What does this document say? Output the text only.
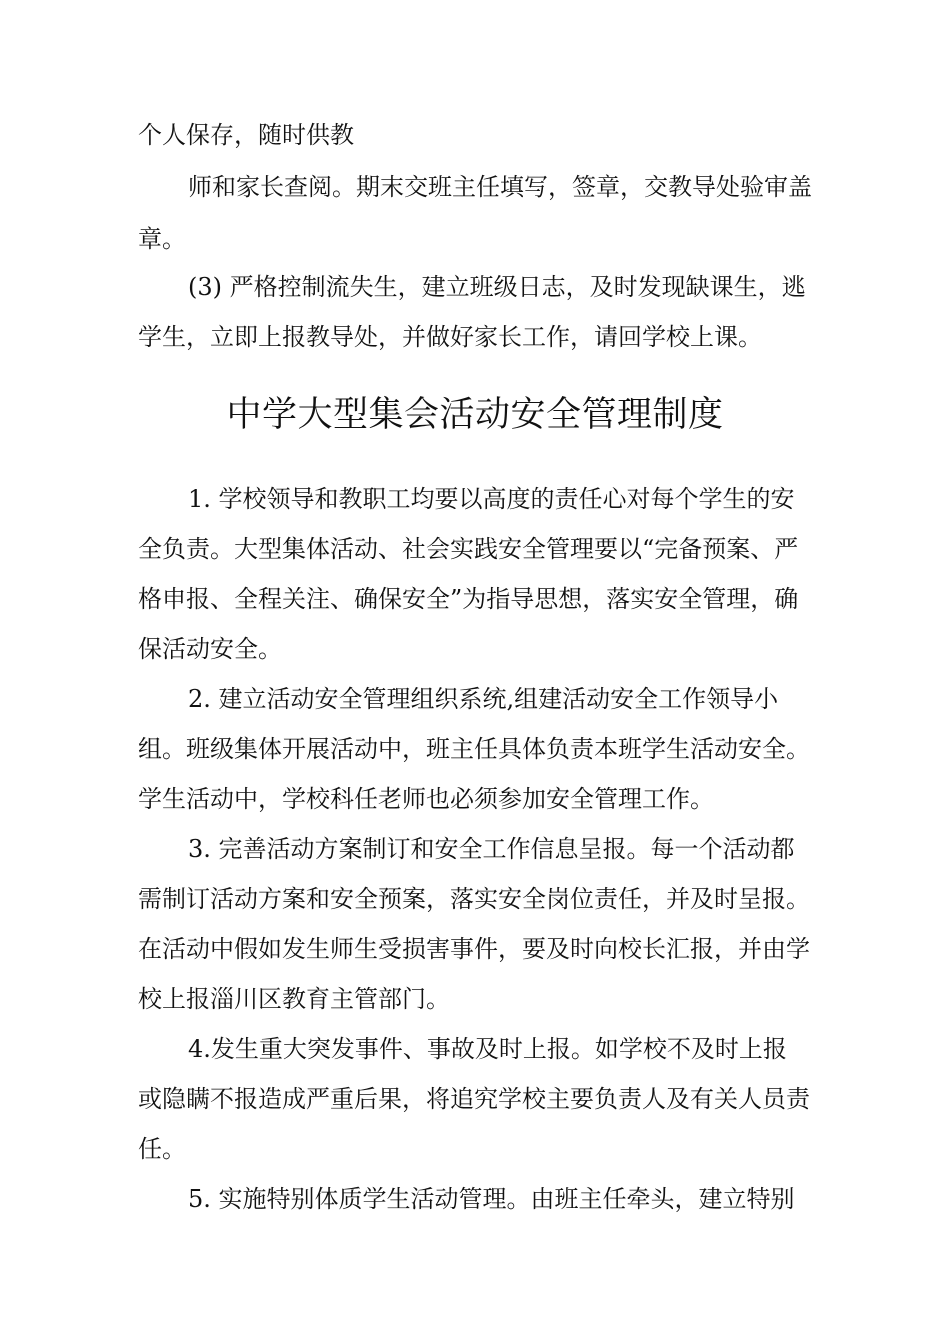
个人保存，随时供教
师和家长查阅。期末交班主任填写，签章，交教导处验审盖
章。
(3) 严格控制流失生，建立班级日志，及时发现缺课生，逃
学生，立即上报教导处，并做好家长工作，请回学校上课。
中学大型集会活动安全管理制度
1. 学校领导和教职工均要以高度的责任心对每个学生的安
全负责。大型集体活动、社会实践安全管理要以“完备预案、严
格申报、全程关注、确保安全”为指导思想，落实安全管理，确
保活动安全。
2. 建立活动安全管理组织系统,组建活动安全工作领导小
组。班级集体开展活动中，班主任具体负责本班学生活动安全。
学生活动中，学校科任老师也必须参加安全管理工作。
3. 完善活动方案制订和安全工作信息呈报。每一个活动都
需制订活动方案和安全预案，落实安全岗位责任，并及时呈报。
在活动中假如发生师生受损害事件，要及时向校长汇报，并由学
校上报淄川区教育主管部门。
4.发生重大突发事件、事故及时上报。如学校不及时上报
或隐瞒不报造成严重后果，将追究学校主要负责人及有关人员责
任。
5. 实施特别体质学生活动管理。由班主任牵头，建立特别
